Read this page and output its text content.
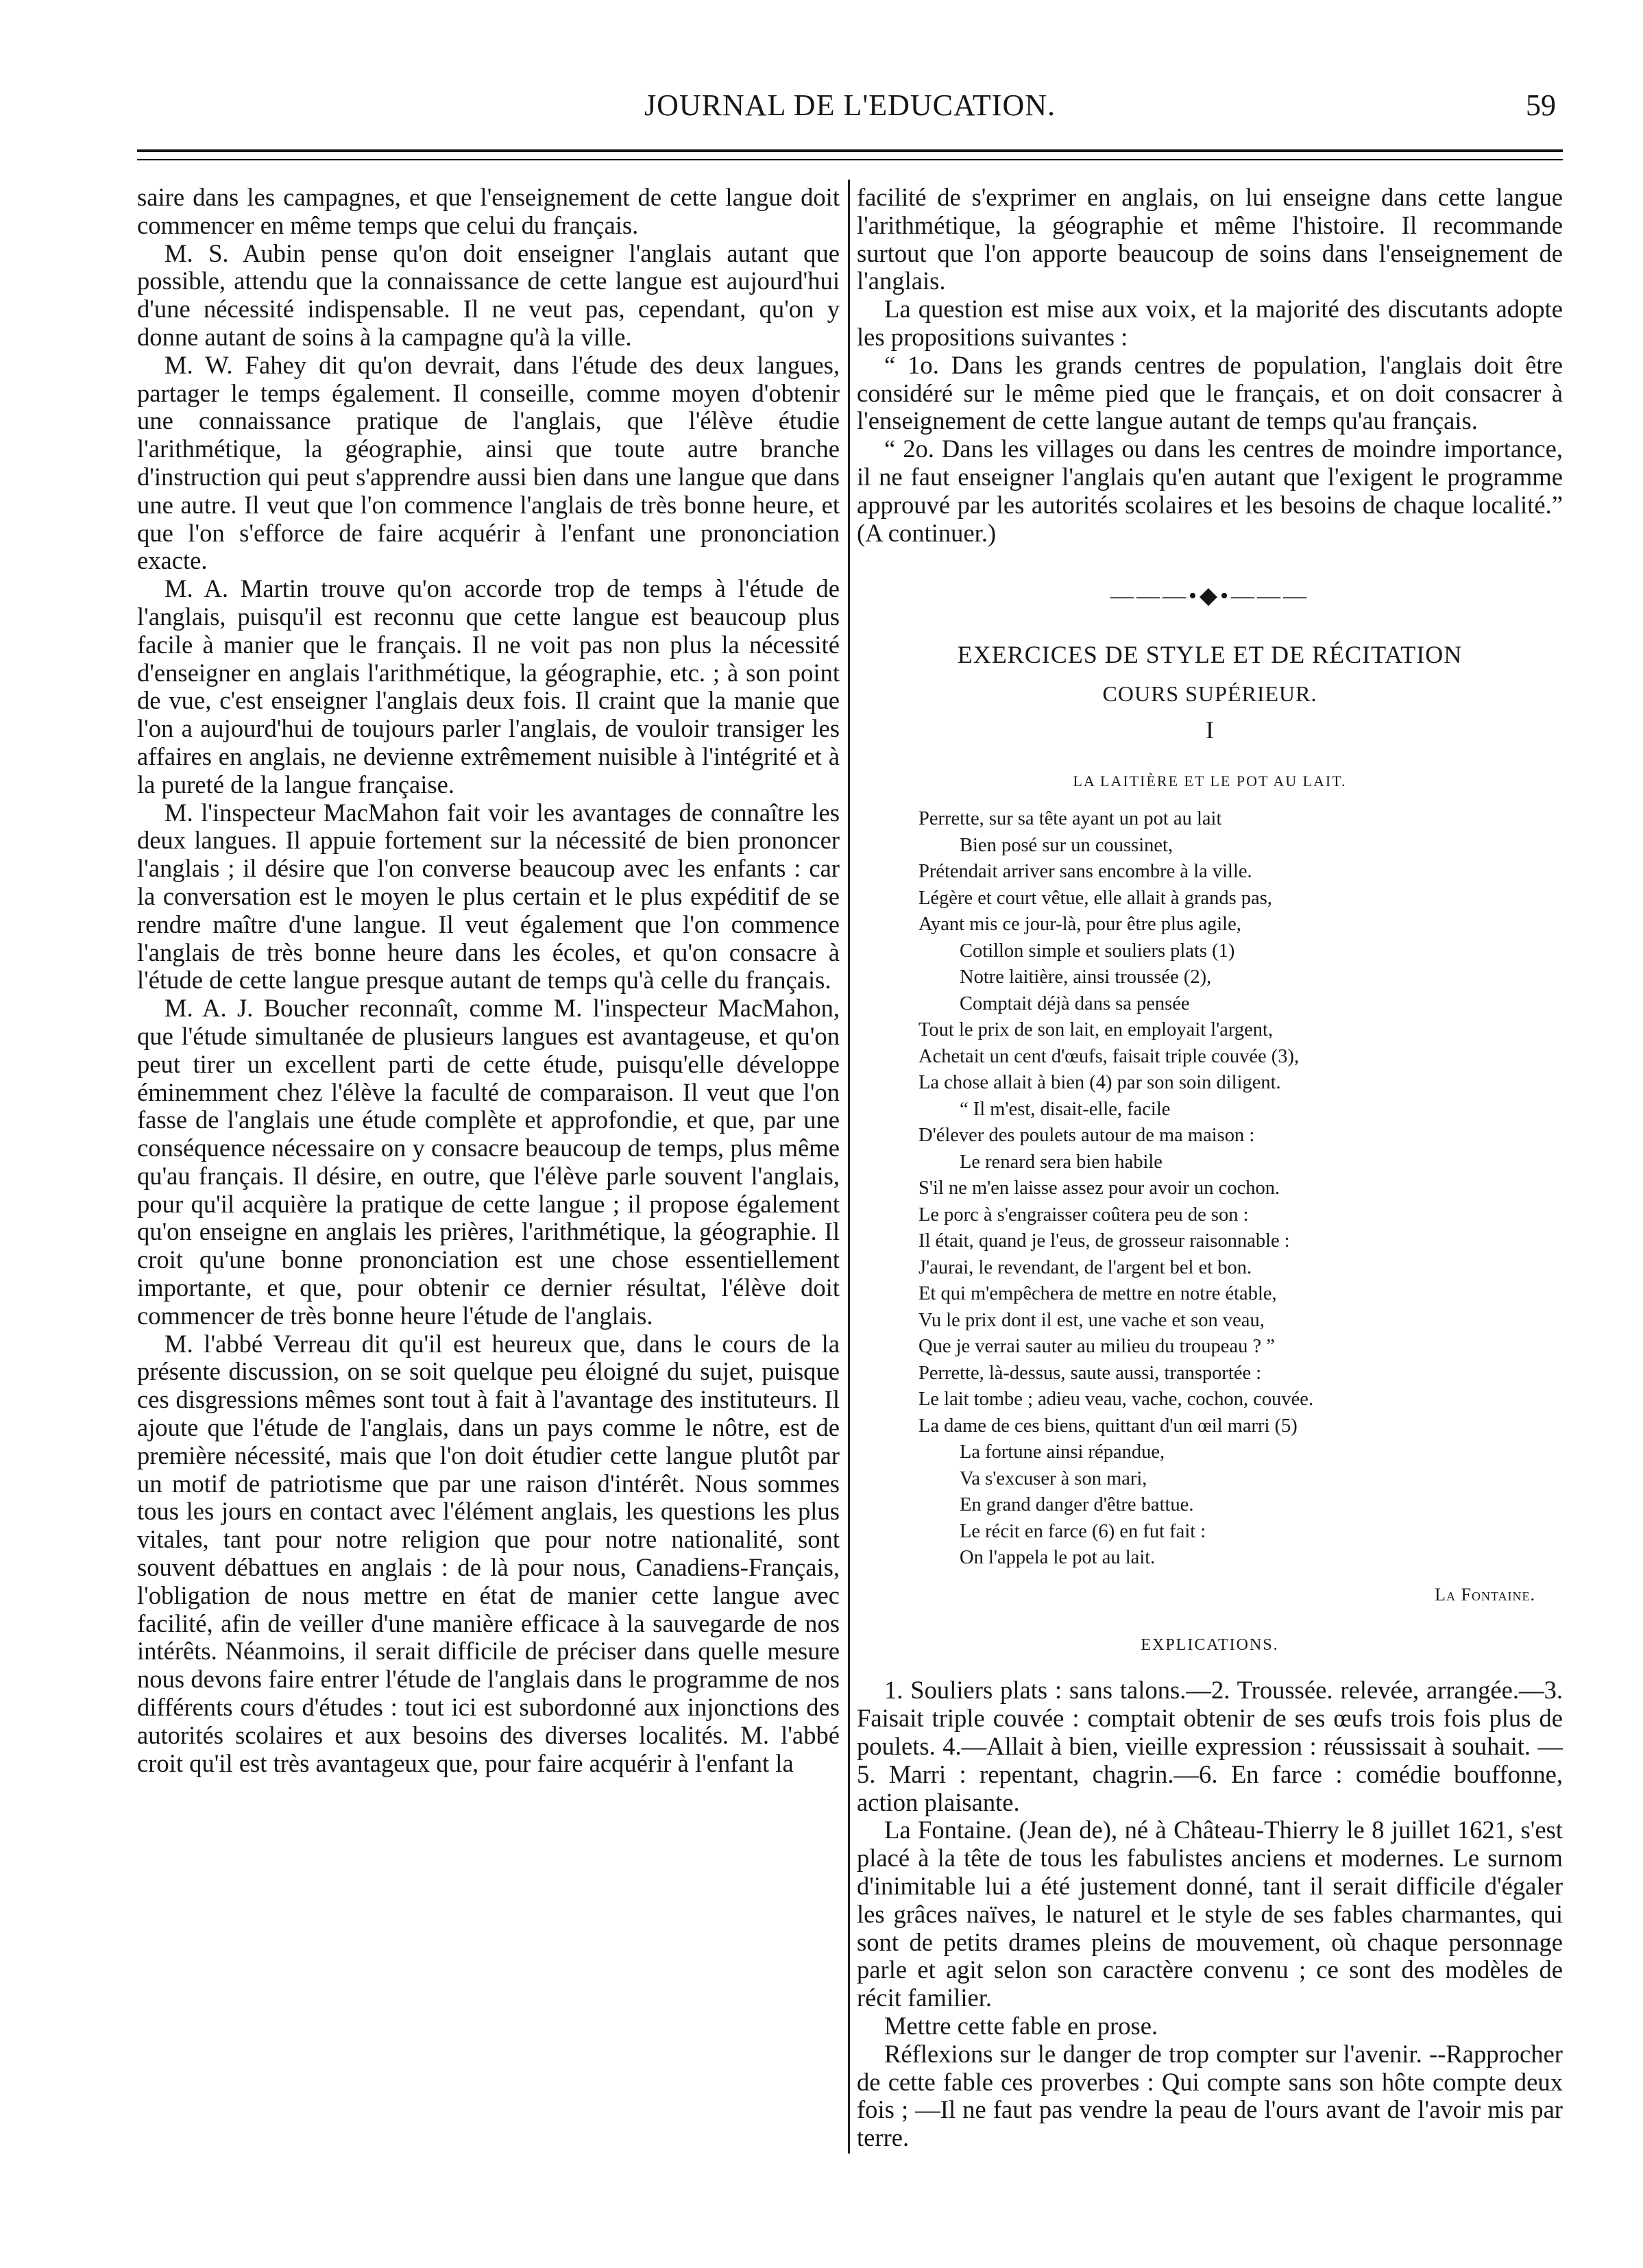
JOURNAL DE L'EDUCATION.	59

saire dans les campagnes, et que l'enseignement de cette langue doit commencer en même temps que celui du français.

M. S. Aubin pense qu'on doit enseigner l'anglais autant que possible, attendu que la connaissance de cette langue est aujourd'hui d'une nécessité indispensable. Il ne veut pas, cependant, qu'on y donne autant de soins à la campagne qu'à la ville.

M. W. Fahey dit qu'on devrait, dans l'étude des deux langues, partager le temps également. Il conseille, comme moyen d'obtenir une connaissance pratique de l'anglais, que l'élève étudie l'arithmétique, la géographie, ainsi que toute autre branche d'instruction qui peut s'apprendre aussi bien dans une langue que dans une autre. Il veut que l'on commence l'anglais de très bonne heure, et que l'on s'efforce de faire acquérir à l'enfant une prononciation exacte.

M. A. Martin trouve qu'on accorde trop de temps à l'étude de l'anglais, puisqu'il est reconnu que cette langue est beaucoup plus facile à manier que le français. Il ne voit pas non plus la nécessité d'enseigner en anglais l'arithmétique, la géographie, etc. ; à son point de vue, c'est enseigner l'anglais deux fois. Il craint que la manie que l'on a aujourd'hui de toujours parler l'anglais, de vouloir transiger les affaires en anglais, ne devienne extrêmement nuisible à l'intégrité et à la pureté de la langue française.

M. l'inspecteur MacMahon fait voir les avantages de connaître les deux langues. Il appuie fortement sur la nécessité de bien prononcer l'anglais ; il désire que l'on converse beaucoup avec les enfants : car la conversation est le moyen le plus certain et le plus expéditif de se rendre maître d'une langue. Il veut également que l'on commence l'anglais de très bonne heure dans les écoles, et qu'on consacre à l'étude de cette langue presque autant de temps qu'à celle du français.

M. A. J. Boucher reconnaît, comme M. l'inspecteur MacMahon, que l'étude simultanée de plusieurs langues est avantageuse, et qu'on peut tirer un excellent parti de cette étude, puisqu'elle développe éminemment chez l'élève la faculté de comparaison. Il veut que l'on fasse de l'anglais une étude complète et approfondie, et que, par une conséquence nécessaire on y consacre beaucoup de temps, plus même qu'au français. Il désire, en outre, que l'élève parle souvent l'anglais, pour qu'il acquière la pratique de cette langue ; il propose également qu'on enseigne en anglais les prières, l'arithmétique, la géographie. Il croit qu'une bonne prononciation est une chose essentiellement importante, et que, pour obtenir ce dernier résultat, l'élève doit commencer de très bonne heure l'étude de l'anglais.

M. l'abbé Verreau dit qu'il est heureux que, dans le cours de la présente discussion, on se soit quelque peu éloigné du sujet, puisque ces disgressions mêmes sont tout à fait à l'avantage des instituteurs. Il ajoute que l'étude de l'anglais, dans un pays comme le nôtre, est de première nécessité, mais que l'on doit étudier cette langue plutôt par un motif de patriotisme que par une raison d'intérêt. Nous sommes tous les jours en contact avec l'élément anglais, les questions les plus vitales, tant pour notre religion que pour notre nationalité, sont souvent débattues en anglais : de là pour nous, Canadiens-Français, l'obligation de nous mettre en état de manier cette langue avec facilité, afin de veiller d'une manière efficace à la sauvegarde de nos intérêts. Néanmoins, il serait difficile de préciser dans quelle mesure nous devons faire entrer l'étude de l'anglais dans le programme de nos différents cours d'études : tout ici est subordonné aux injonctions des autorités scolaires et aux besoins des diverses localités. M. l'abbé croit qu'il est très avantageux que, pour faire acquérir à l'enfant la

facilité de s'exprimer en anglais, on lui enseigne dans cette langue l'arithmétique, la géographie et même l'histoire. Il recommande surtout que l'on apporte beaucoup de soins dans l'enseignement de l'anglais.

La question est mise aux voix, et la majorité des discutants adopte les propositions suivantes :

“ 1o. Dans les grands centres de population, l'anglais doit être considéré sur le même pied que le français, et on doit consacrer à l'enseignement de cette langue autant de temps qu'au français.

“ 2o. Dans les villages ou dans les centres de moindre importance, il ne faut enseigner l'anglais qu'en autant que l'exigent le programme approuvé par les autorités scolaires et les besoins de chaque localité.” (A continuer.)

———•◆•———
EXERCICES DE STYLE ET DE RÉCITATION
COURS SUPÉRIEUR.
I
LA LAITIÈRE ET LE POT AU LAIT.
Perrette, sur sa tête ayant un pot au lait
Bien posé sur un coussinet,
Prétendait arriver sans encombre à la ville.
Légère et court vêtue, elle allait à grands pas,
Ayant mis ce jour-là, pour être plus agile,
Cotillon simple et souliers plats (1)
Notre laitière, ainsi troussée (2),
Comptait déjà dans sa pensée
Tout le prix de son lait, en employait l'argent,
Achetait un cent d'œufs, faisait triple couvée (3),
La chose allait à bien (4) par son soin diligent.
“ Il m'est, disait-elle, facile
D'élever des poulets autour de ma maison :
Le renard sera bien habile
S'il ne m'en laisse assez pour avoir un cochon.
Le porc à s'engraisser coûtera peu de son :
Il était, quand je l'eus, de grosseur raisonnable :
J'aurai, le revendant, de l'argent bel et bon.
Et qui m'empêchera de mettre en notre étable,
Vu le prix dont il est, une vache et son veau,
Que je verrai sauter au milieu du troupeau ? ”
Perrette, là-dessus, saute aussi, transportée :
Le lait tombe ; adieu veau, vache, cochon, couvée.
La dame de ces biens, quittant d'un œil marri (5)
La fortune ainsi répandue,
Va s'excuser à son mari,
En grand danger d'être battue.
Le récit en farce (6) en fut fait :
On l'appela le pot au lait.
La Fontaine.
EXPLICATIONS.

1. Souliers plats : sans talons.—2. Troussée. relevée, arrangée.—3. Faisait triple couvée : comptait obtenir de ses œufs trois fois plus de poulets. 4.—Allait à bien, vieille expression : réussissait à souhait. —5. Marri : repentant, chagrin.—6. En farce : comédie bouffonne, action plaisante.

La Fontaine. (Jean de), né à Château-Thierry le 8 juillet 1621, s'est placé à la tête de tous les fabulistes anciens et modernes. Le surnom d'inimitable lui a été justement donné, tant il serait difficile d'égaler les grâces naïves, le naturel et le style de ses fables charmantes, qui sont de petits drames pleins de mouvement, où chaque personnage parle et agit selon son caractère convenu ; ce sont des modèles de récit familier.

Mettre cette fable en prose.

Réflexions sur le danger de trop compter sur l'avenir. --Rapprocher de cette fable ces proverbes : Qui compte sans son hôte compte deux fois ; —Il ne faut pas vendre la peau de l'ours avant de l'avoir mis par terre.
